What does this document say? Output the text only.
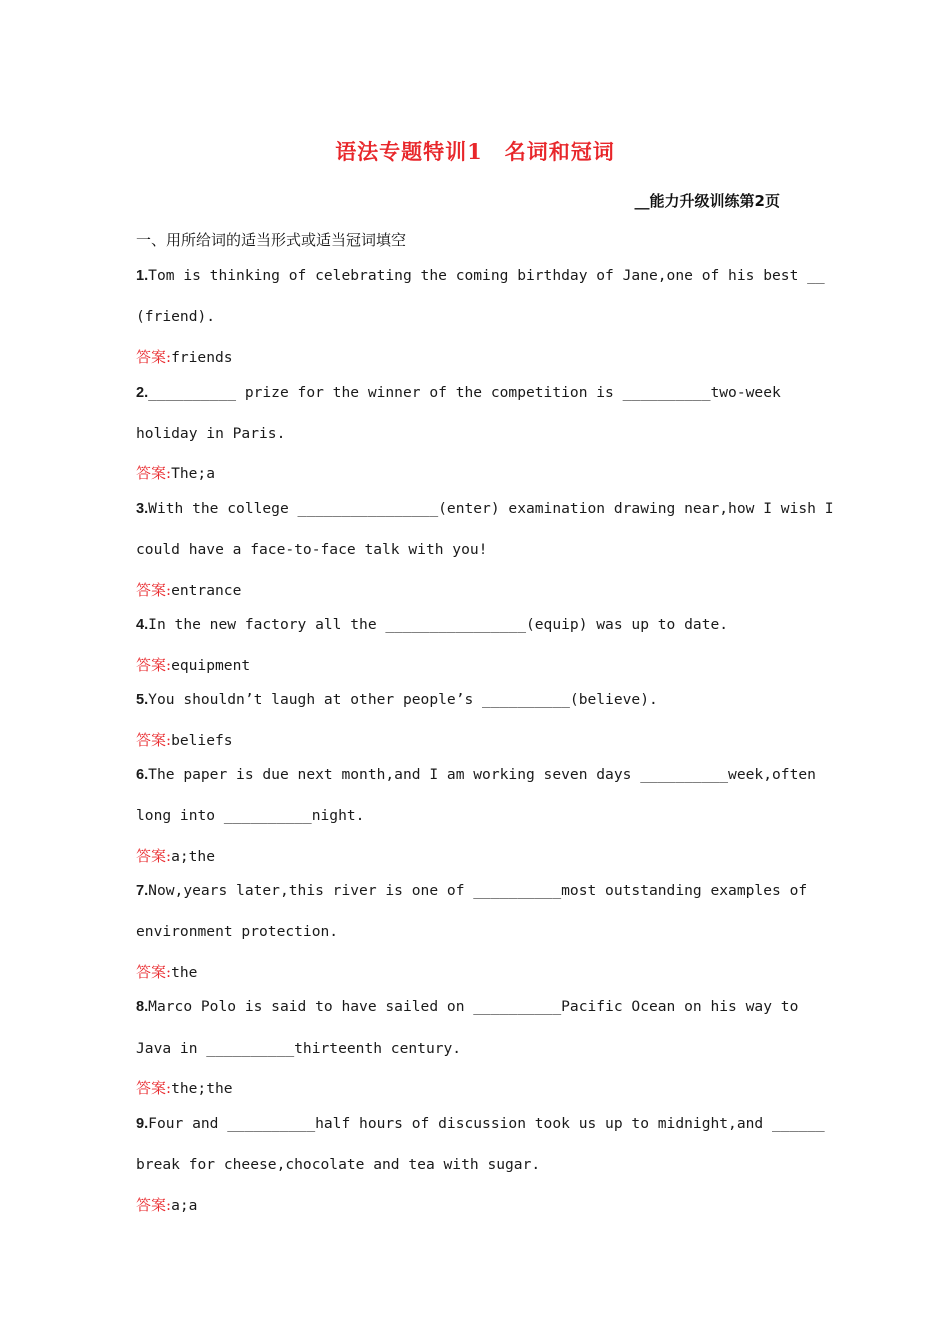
语法专题特训1　名词和冠词
__能力升级训练第2页
一、用所给词的适当形式或适当冠词填空
1.Tom is thinking of celebrating the coming birthday of Jane,one of his best __
(friend).
答案:friends
2.__________ prize for the winner of the competition is __________two-week
holiday in Paris.
答案:The;a
3.With the college ________________(enter) examination drawing near,how I wish I
could have a face-to-face talk with you!
答案:entrance
4.In the new factory all the ________________(equip) was up to date.
答案:equipment
5.You shouldn’t laugh at other people’s __________(believe).
答案:beliefs
6.The paper is due next month,and I am working seven days __________week,often
long into __________night.
答案:a;the
7.Now,years later,this river is one of __________most outstanding examples of
environment protection.
答案:the
8.Marco Polo is said to have sailed on __________Pacific Ocean on his way to
Java in __________thirteenth century.
答案:the;the
9.Four and __________half hours of discussion took us up to midnight,and ______
break for cheese,chocolate and tea with sugar.
答案:a;a
